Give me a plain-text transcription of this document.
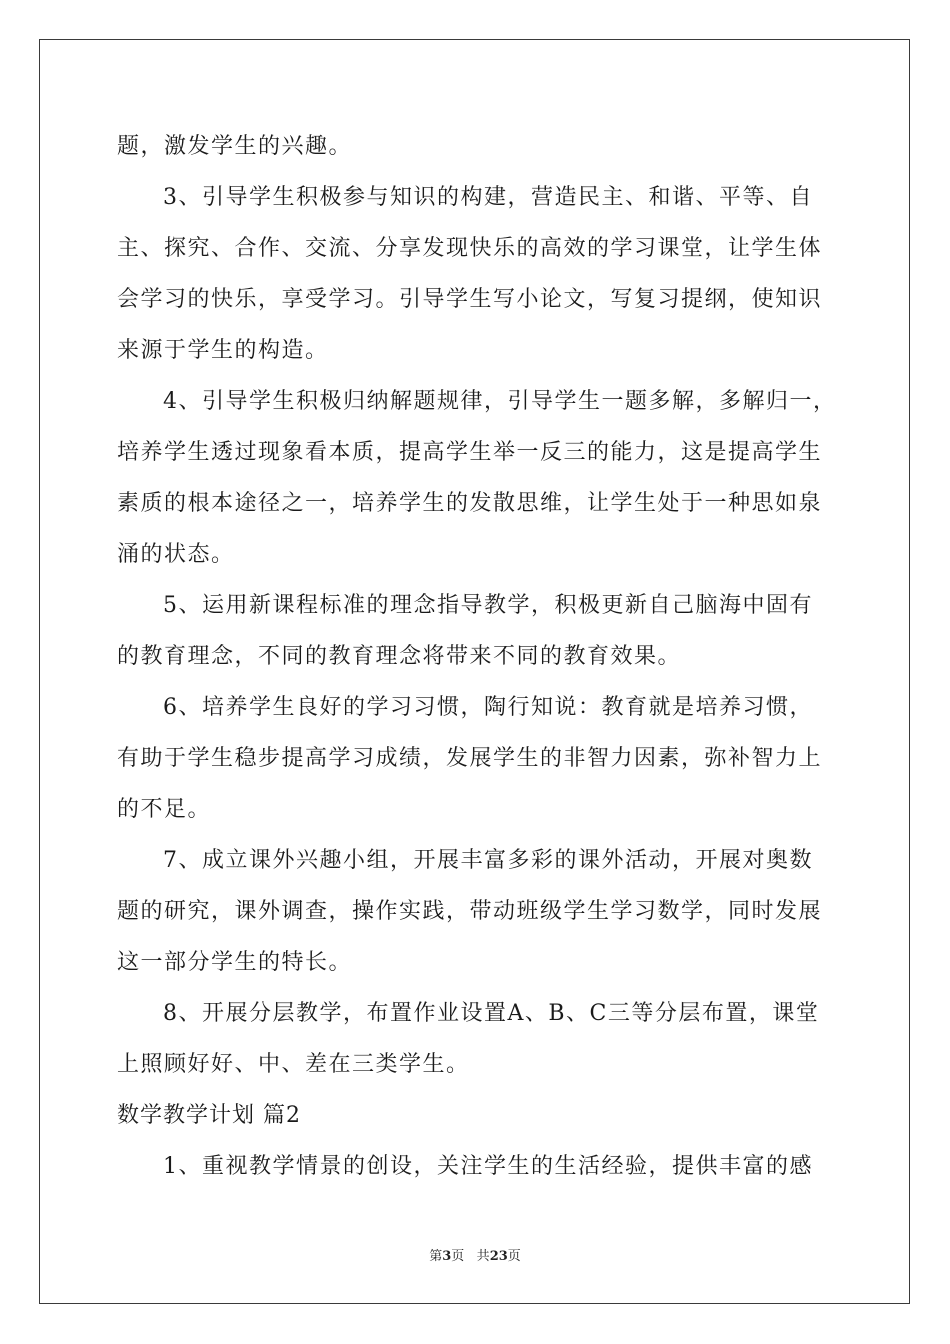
题，激发学生的兴趣。
3、引导学生积极参与知识的构建，营造民主、和谐、平等、自
主、探究、合作、交流、分享发现快乐的高效的学习课堂，让学生体
会学习的快乐，享受学习。引导学生写小论文，写复习提纲，使知识
来源于学生的构造。
4、引导学生积极归纳解题规律，引导学生一题多解，多解归一，
培养学生透过现象看本质，提高学生举一反三的能力，这是提高学生
素质的根本途径之一，培养学生的发散思维，让学生处于一种思如泉
涌的状态。
5、运用新课程标准的理念指导教学，积极更新自己脑海中固有
的教育理念，不同的教育理念将带来不同的教育效果。
6、培养学生良好的学习习惯，陶行知说：教育就是培养习惯，
有助于学生稳步提高学习成绩，发展学生的非智力因素，弥补智力上
的不足。
7、成立课外兴趣小组，开展丰富多彩的课外活动，开展对奥数
题的研究，课外调查，操作实践，带动班级学生学习数学，同时发展
这一部分学生的特长。
8、开展分层教学，布置作业设置A、B、C三等分层布置，课堂
上照顾好好、中、差在三类学生。
数学教学计划 篇2
1、重视教学情景的创设，关注学生的生活经验，提供丰富的感
第3页 共23页
